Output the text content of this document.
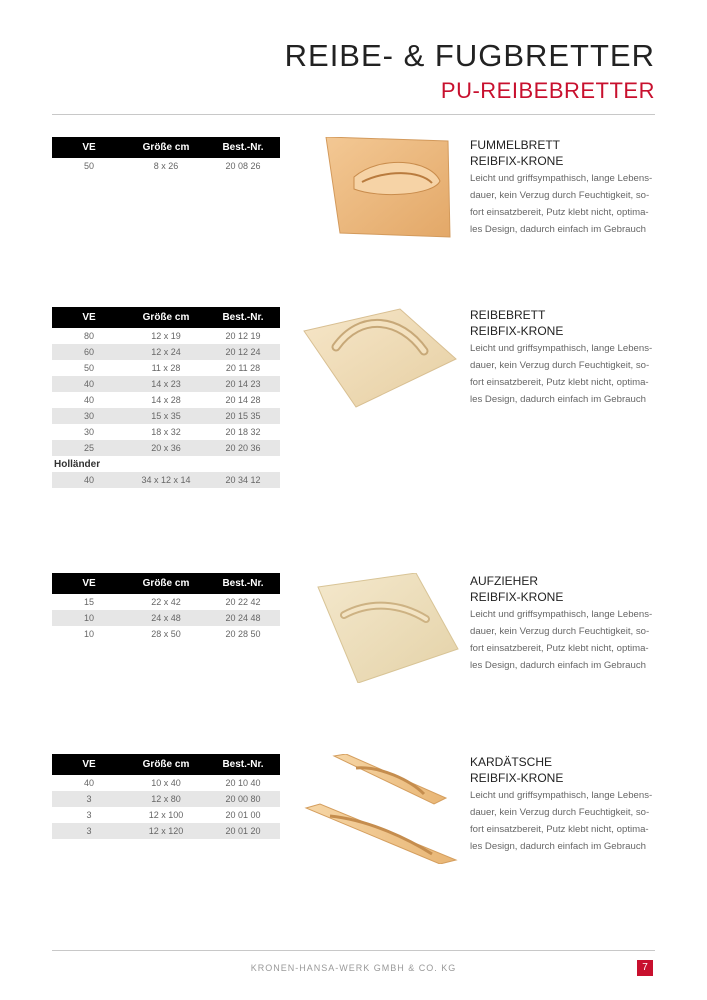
REIBE- & FUGBRETTER
PU-REIBEBRETTER
VE	Größe cm	Best.-Nr.
50	8 x 26	20 08 26
FUMMELBRETT
REIBFIX-KRONE
Leicht und griffsympathisch, lange Lebens-
dauer, kein Verzug durch Feuchtigkeit, so-
fort einsatzbereit, Putz klebt nicht, optima-
les Design, dadurch einfach im Gebrauch
VE	Größe cm	Best.-Nr.
80	12 x 19	20 12 19
60	12 x 24	20 12 24
50	11 x 28	20 11 28
40	14 x 23	20 14 23
40	14 x 28	20 14 28
30	15 x 35	20 15 35
30	18 x 32	20 18 32
25	20 x 36	20 20 36
Holländer		
40	34 x 12 x 14	20 34 12
REIBEBRETT
REIBFIX-KRONE
Leicht und griffsympathisch, lange Lebens-
dauer, kein Verzug durch Feuchtigkeit, so-
fort einsatzbereit, Putz klebt nicht, optima-
les Design, dadurch einfach im Gebrauch
VE	Größe cm	Best.-Nr.
15	22 x 42	20 22 42
10	24 x 48	20 24 48
10	28 x 50	20 28 50
AUFZIEHER
REIBFIX-KRONE
Leicht und griffsympathisch, lange Lebens-
dauer, kein Verzug durch Feuchtigkeit, so-
fort einsatzbereit, Putz klebt nicht, optima-
les Design, dadurch einfach im Gebrauch
VE	Größe cm	Best.-Nr.
40	10 x 40	20 10 40
3	12 x 80	20 00 80
3	12 x 100	20 01 00
3	12 x 120	20 01 20
KARDÄTSCHE
REIBFIX-KRONE
Leicht und griffsympathisch, lange Lebens-
dauer, kein Verzug durch Feuchtigkeit, so-
fort einsatzbereit, Putz klebt nicht, optima-
les Design, dadurch einfach im Gebrauch
KRONEN-HANSA-WERK GMBH & CO. KG	7
